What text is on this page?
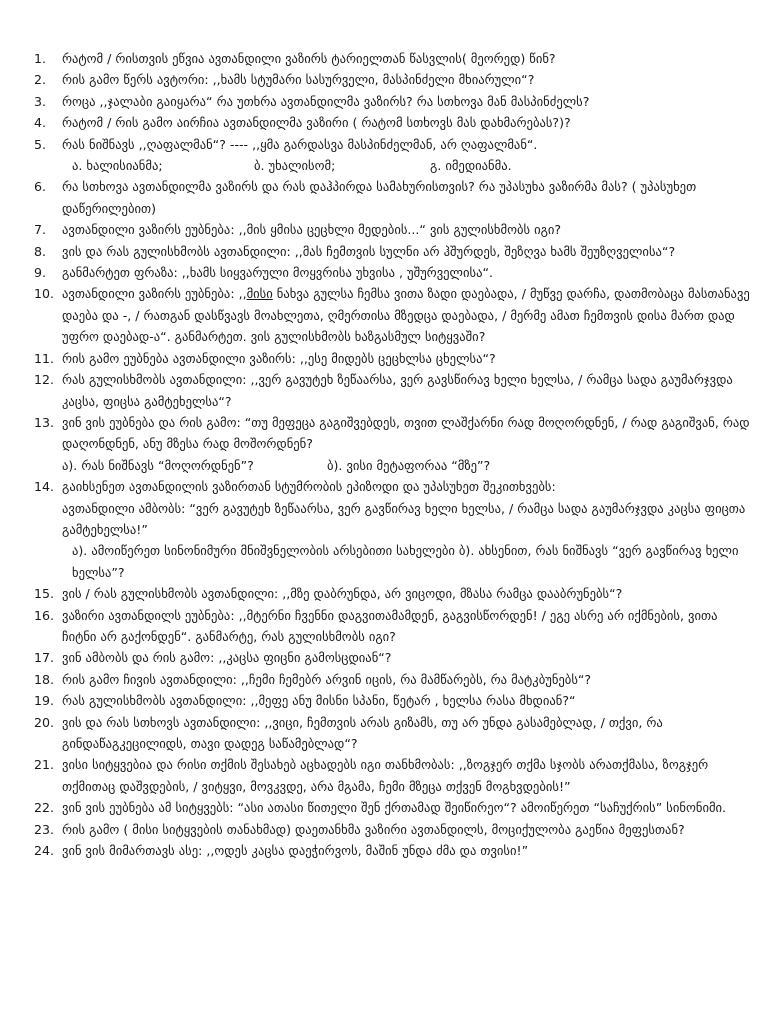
1.	რატომ / რისთვის ეწვია ავთანდილი ვაზირს ტარიელთან წასვლის( მეორედ) წინ?
2.	რის გამო წერს ავტორი: ,,ხამს სტუმარი სასურველი, მასპინძელი მხიარული“?
3.	როცა ,,ჯალაბი გაიყარა“ რა უთხრა ავთანდილმა ვაზირს? რა სთხოვა მან მასპინძელს?
4.	რატომ / რის გამო აირჩია ავთანდილმა ვაზირი ( რატომ სთხოვს მას დახმარებას?)?
5.	რას ნიშნავს ,,ღაფალმან“? ---- ,,ყმა გარდასვა მასპინძელმან, არ ღაფალმან“.
ა. ხალისიანმა;	ბ. უხალისომ;	გ. იმედიანმა.
6.	რა სთხოვა ავთანდილმა ვაზირს და რას დაჰპირდა სამახურისთვის? რა უპასუხა ვაზირმა მას? ( უპასუხეთ დაწერილებით)
7.	ავთანდილი ვაზირს ეუბნება: ,,მის ყმისა ცეცხლი მედების...“ ვის გულისხმობს იგი?
8.	ვის და რას გულისხმობს ავთანდილი: ,,მას ჩემთვის სულნი არ ჰშურდეს, შეზღვა ხამს შეუზღველისა“?
9.	განმარტეთ ფრაზა: ,,ხამს სიყვარული მოყვრისა უხვისა , უშურველისა“.
10. ავთანდილი ვაზირს ეუბნება: ,,მისი ნახვა გულსა ჩემსა ვითა ზადი დაებადა, / მუწვე დარჩა, დათმობაცა მასთანავე დაება და -, / რათგან დასწვავს მოახლეთა, ღმერთისა მზედცა დაებადა, / მერმე ამათ ჩემთვის დისა მართ დად უფრო დაებად-ა“. განმარტეთ. ვის გულისხმობს ხაზგასმულ სიტყვაში?
11. რის გამო ეუბნება ავთანდილი ვაზირს: ,,ესე მიდებს ცეცხლსა ცხელსა“?
12. რას გულისხმობს ავთანდილი: ,,ვერ გავუტეხ ზეწაარსა, ვერ გავსწირავ ხელი ხელსა, / რამცა სადა გაუმარჯვდა კაცსა, ფიცსა გამტეხელსა“?
13. ვინ ვის ეუბნება და რის გამო: “თუ მეფეცა გაგიშვებდეს, თვით ლაშქარნი რად მოღორდნენ, / რად გაგიშვან, რად დაღონდნენ, ანუ მზესა რად მოშორდნენ?
ა). რას ნიშნავს “მოღორდნენ”?	ბ). ვისი მეტაფორაა “მზე”?
14. გაიხსენეთ ავთანდილის ვაზირთან სტუმრობის ეპიზოდი და უპასუხეთ შეკითხვებს:
ავთანდილი ამბობს: “ვერ გავუტეხ ზეწაარსა, ვერ გავწირავ ხელი ხელსა, / რამცა სადა გაუმარჯვდა კაცსა ფიცთა გამტეხელსა!”
ა). ამოიწერეთ სინონიმური მნიშვნელობის არსებითი სახელები ბ). ახსენით, რას ნიშნავს “ვერ გავწირავ ხელი ხელსა”?
15. ვის / რას გულისხმობს ავთანდილი: ,,მზე დაბრუნდა, არ ვიცოდი, მზასა რამცა დააბრუნებს“?
16. ვაზირი ავთანდილს ეუბნება: ,,მტერნი ჩვენნი დაგვითამამდენ, გაგვისწორდენ! / ეგე ასრე არ იქმნების, ვითა ჩიტნი არ გაქონდენ“. განმარტე, რას გულისხმობს იგი?
17. ვინ ამბობს და რის გამო: ,,კაცსა ფიცნი გამოსცდიან“?
18. რის გამო ჩივის ავთანდილი: ,,ჩემი ჩემებრ არვინ იცის, რა მამწარებს, რა მატკბუნებს“?
19. რას გულისხმობს ავთანდილი: ,,მეფე ანუ მისნი სპანი, წეტარ , ხელსა რასა მხდიან?“
20. ვის და რას სთხოვს ავთანდილი: ,,ვიცი, ჩემთვის არას გიზამს, თუ არ უნდა გასამებლად, / თქვი, რა გინდაწაგკეცილიდს, თავი დადეგ საწამებლად“?
21. ვისი სიტყვებია და რისი თქმის შესახებ აცხადებს იგი თანხმობას: ,,ზოგჯერ თქმა სჯობს არათქმასა, ზოგჯერ თქმითაც დაშვდების, / ვიტყვი, მოვკვდე, არა მგამა, ჩემი მზეცა თქვენ მოგხვდების!”
22. ვინ ვის ეუბნება ამ სიტყვებს: “ასი ათასი წითელი შენ ქრთამად შეიწირეო“? ამოიწერეთ “საჩუქრის” სინონიმი.
23. რის გამო ( მისი სიტყვების თანახმად) დაეთანხმა ვაზირი ავთანდილს, მოციქულობა გაეწია მეფესთან?
24. ვინ ვის მიმართავს ასე: ,,ოდეს კაცსა დაეჭირვოს, მაშინ უნდა ძმა და თვისი!”
